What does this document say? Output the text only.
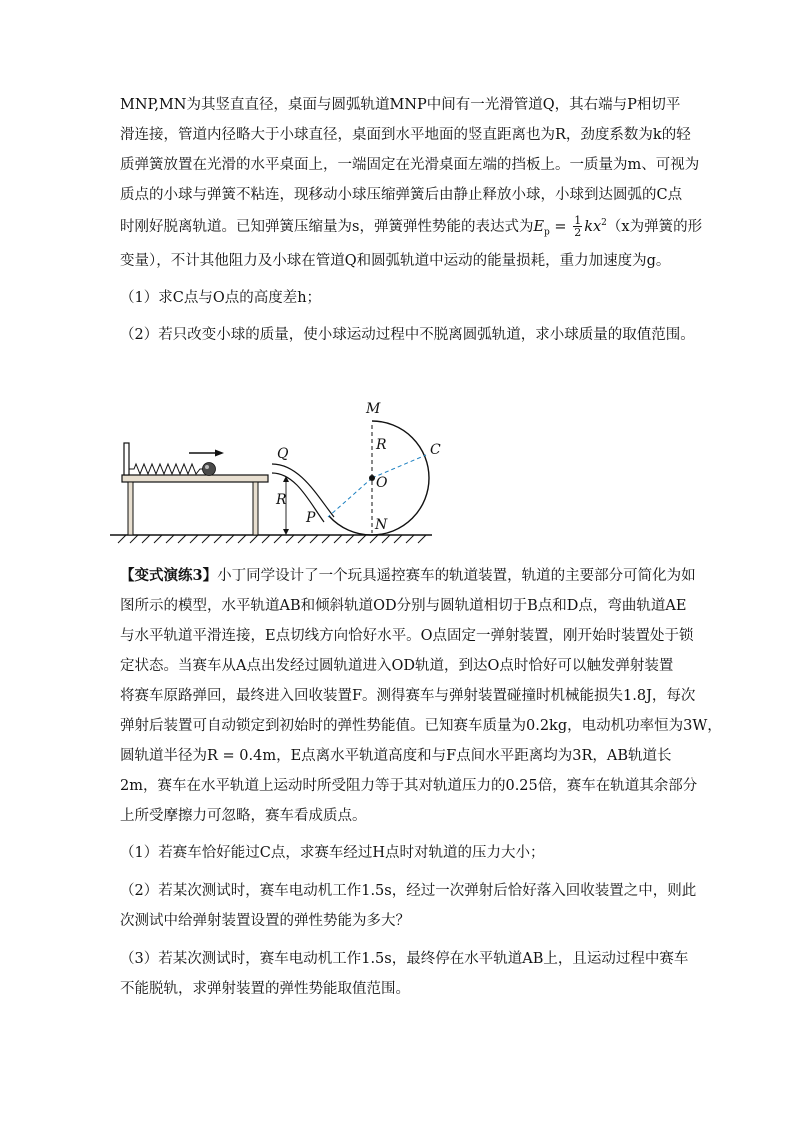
MNP,MN为其竖直直径，桌面与圆弧轨道MNP中间有一光滑管道Q，其右端与P相切平

滑连接，管道内径略大于小球直径，桌面到水平地面的竖直距离也为R，劲度系数为k的轻

质弹簧放置在光滑的水平桌面上，一端固定在光滑桌面左端的挡板上。一质量为m、可视为

质点的小球与弹簧不粘连，现移动小球压缩弹簧后由静止释放小球，小球到达圆弧的C点

时刚好脱离轨道。已知弹簧压缩量为s，弹簧弹性势能的表达式为$E_p = \frac{1}{2} kx^2(x$为弹簧的形

变量），不计其他阻力及小球在管道Q和圆弧轨道中运动的能量损耗，重力加速度为g。

（1）求C点与O点的高度差h；

（2）若只改变小球的质量，使小球运动过程中不脱离圆弧轨道，求小球质量的取值范围。

M
R	C
Q
O
R
P	N

【变式演练3】小丁同学设计了一个玩具遥控赛车的轨道装置，轨道的主要部分可简化为如

图所示的模型，水平轨道AB和倾斜轨道OD分别与圆轨道相切于B点和D点，弯曲轨道AE

与水平轨道平滑连接，E点切线方向恰好水平。O点固定一弹射装置，刚开始时装置处于锁

定状态。当赛车从A点出发经过圆轨道进入OD轨道，到达O点时恰好可以触发弹射装置

将赛车原路弹回，最终进入回收装置F。测得赛车与弹射装置碰撞时机械能损失1.8J，每次

弹射后装置可自动锁定到初始时的弹性势能值。已知赛车质量为0.2kg，电动机功率恒为3W，

圆轨道半径为R = 0.4m，E点离水平轨道高度和与F点间水平距离均为3R，AB轨道长

2m，赛车在水平轨道上运动时所受阻力等于其对轨道压力的0.25倍，赛车在轨道其余部分

上所受摩擦力可忽略，赛车看成质点。

（1）若赛车恰好能过C点，求赛车经过H点时对轨道的压力大小；

（2）若某次测试时，赛车电动机工作1.5s，经过一次弹射后恰好落入回收装置之中，则此

次测试中给弹射装置设置的弹性势能为多大？

（3）若某次测试时，赛车电动机工作1.5s，最终停在水平轨道AB上，且运动过程中赛车

不能脱轨，求弹射装置的弹性势能取值范围。
